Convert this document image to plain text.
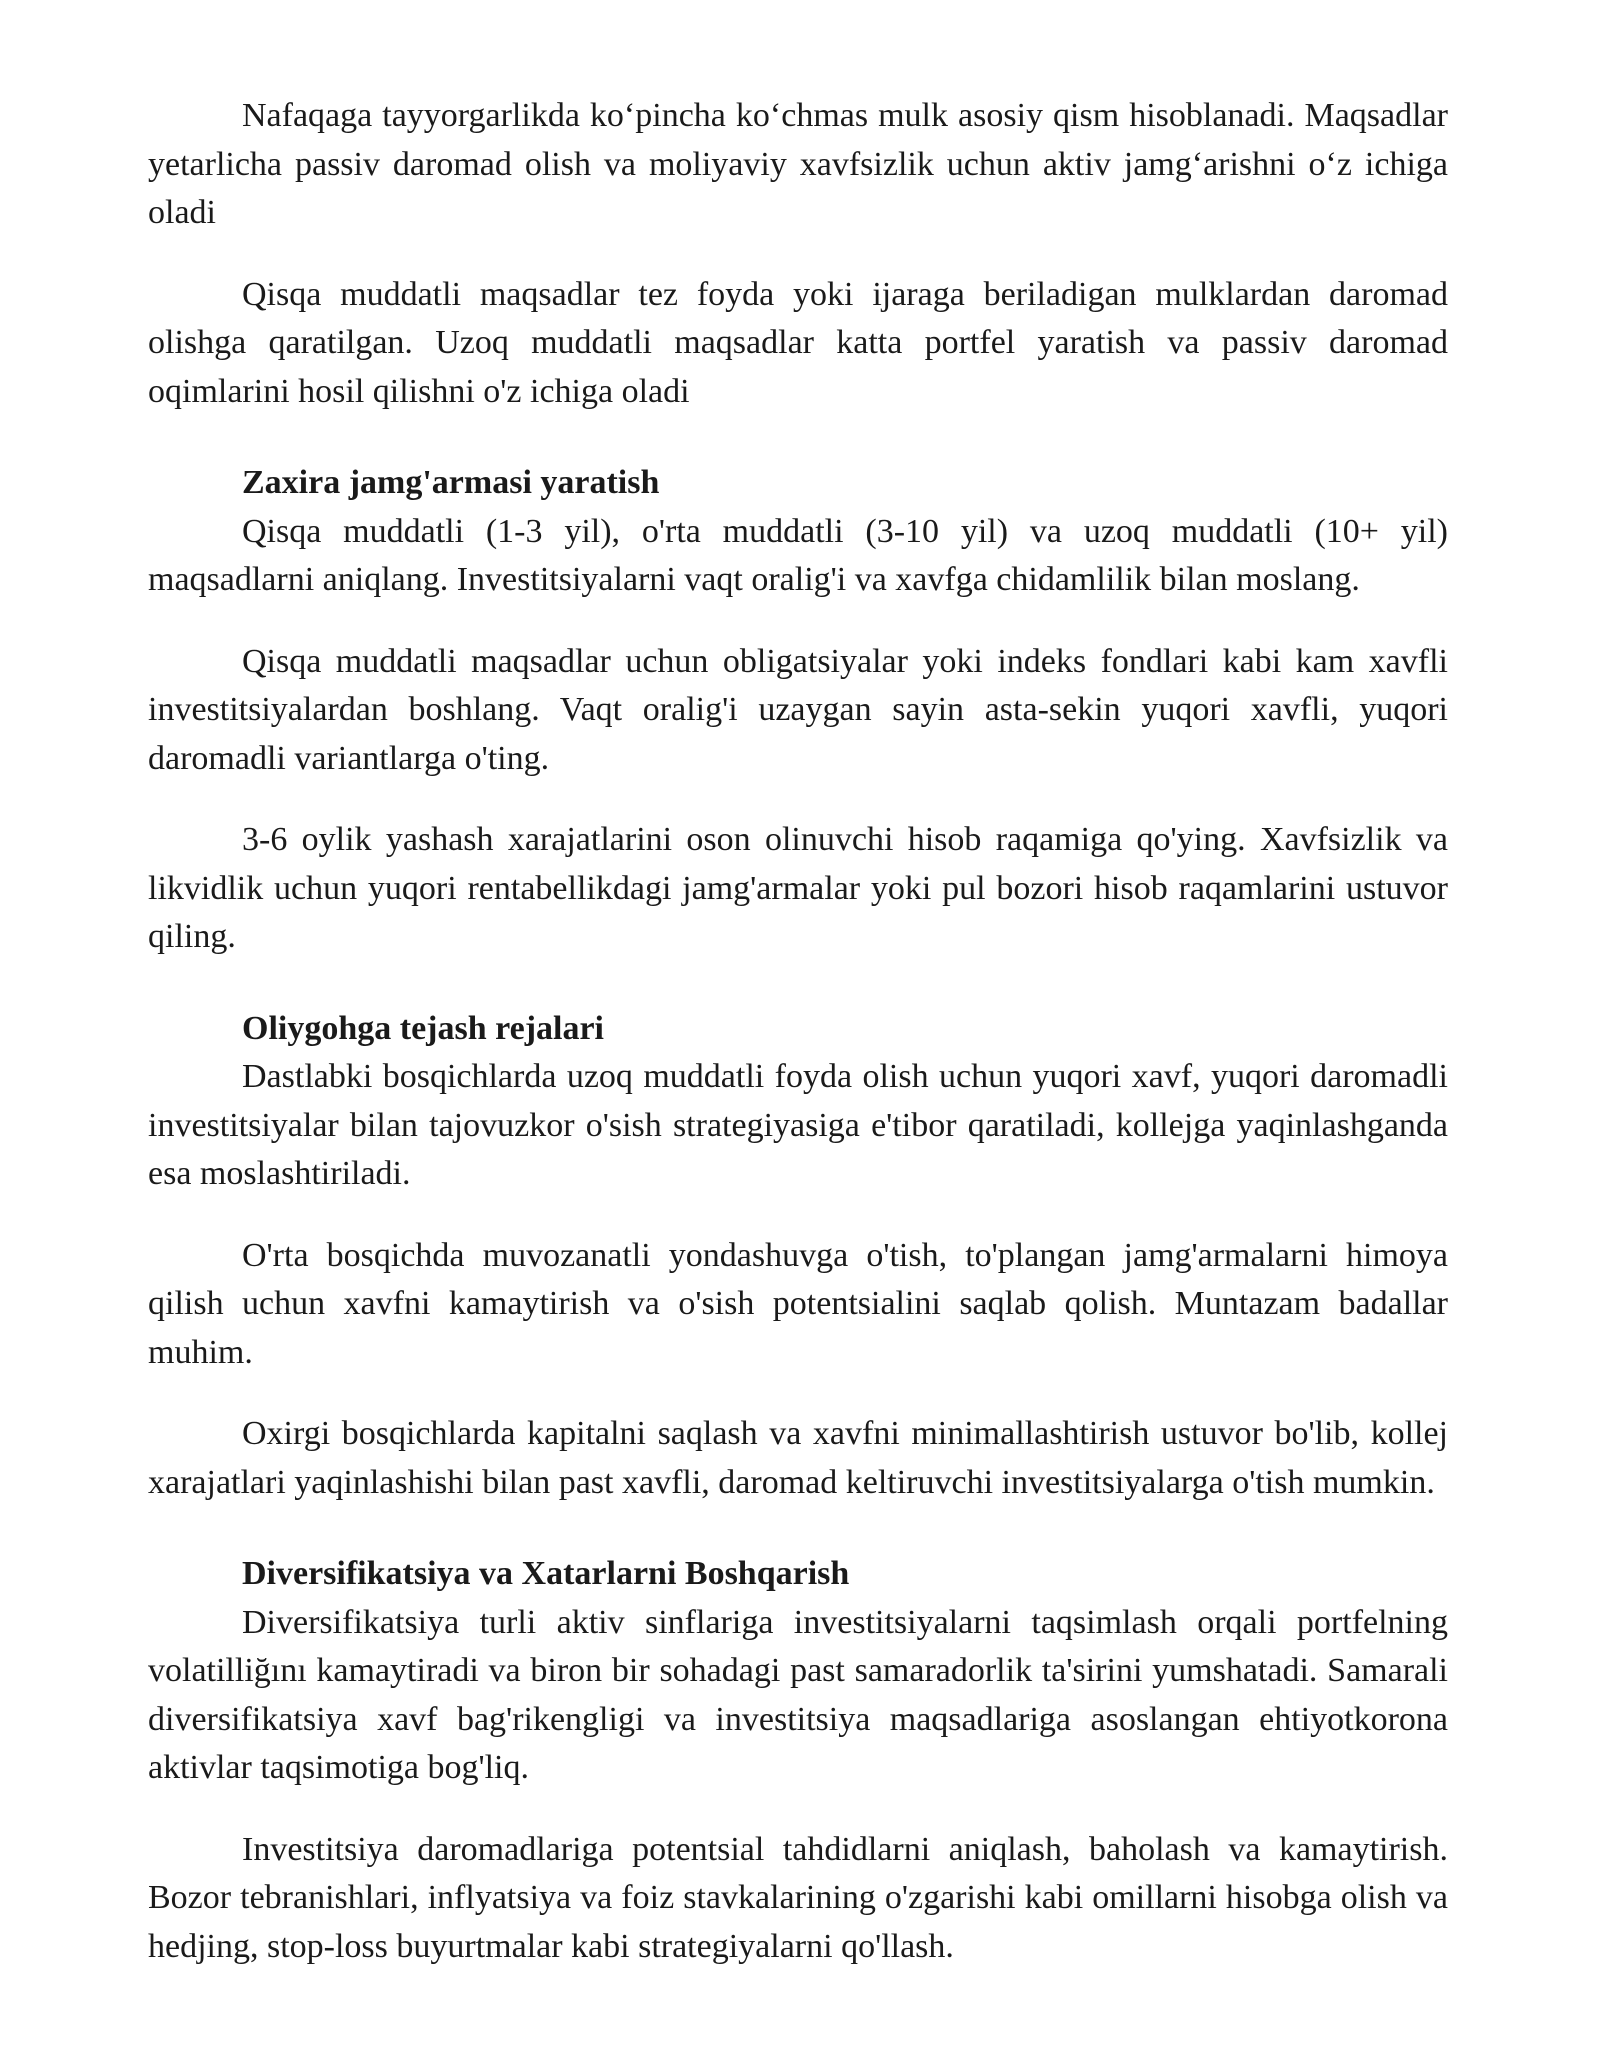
Nafaqaga tayyorgarlikda ko‘pincha ko‘chmas mulk asosiy qism hisoblanadi. Maqsadlar yetarlicha passiv daromad olish va moliyaviy xavfsizlik uchun aktiv jamg‘arishni o‘z ichiga oladi

Qisqa muddatli maqsadlar tez foyda yoki ijaraga beriladigan mulklardan daromad olishga qaratilgan. Uzoq muddatli maqsadlar katta portfel yaratish va passiv daromad oqimlarini hosil qilishni o'z ichiga oladi

Zaxira jamg'armasi yaratish

Qisqa muddatli (1-3 yil), o'rta muddatli (3-10 yil) va uzoq muddatli (10+ yil) maqsadlarni aniqlang. Investitsiyalarni vaqt oralig'i va xavfga chidamlilik bilan moslang.

Qisqa muddatli maqsadlar uchun obligatsiyalar yoki indeks fondlari kabi kam xavfli investitsiyalardan boshlang. Vaqt oralig'i uzaygan sayin asta-sekin yuqori xavfli, yuqori daromadli variantlarga o'ting.

3-6 oylik yashash xarajatlarini oson olinuvchi hisob raqamiga qo'ying. Xavfsizlik va likvidlik uchun yuqori rentabellikdagi jamg'armalar yoki pul bozori hisob raqamlarini ustuvor qiling.

Oliygohga tejash rejalari

Dastlabki bosqichlarda uzoq muddatli foyda olish uchun yuqori xavf, yuqori daromadli investitsiyalar bilan tajovuzkor o'sish strategiyasiga e'tibor qaratiladi, kollejga yaqinlashganda esa moslashtiriladi.

O'rta bosqichda muvozanatli yondashuvga o'tish, to'plangan jamg'armalarni himoya qilish uchun xavfni kamaytirish va o'sish potentsialini saqlab qolish. Muntazam badallar muhim.

Oxirgi bosqichlarda kapitalni saqlash va xavfni minimallashtirish ustuvor bo'lib, kollej xarajatlari yaqinlashishi bilan past xavfli, daromad keltiruvchi investitsiyalarga o'tish mumkin.

Diversifikatsiya va Xatarlarni Boshqarish

Diversifikatsiya turli aktiv sinflariga investitsiyalarni taqsimlash orqali portfelning volatilliğını kamaytiradi va biron bir sohadagi past samaradorlik ta'sirini yumshatadi. Samarali diversifikatsiya xavf bag'rikengligi va investitsiya maqsadlariga asoslangan ehtiyotkorona aktivlar taqsimotiga bog'liq.

Investitsiya daromadlariga potentsial tahdidlarni aniqlash, baholash va kamaytirish. Bozor tebranishlari, inflyatsiya va foiz stavkalarining o'zgarishi kabi omillarni hisobga olish va hedjing, stop-loss buyurtmalar kabi strategiyalarni qo'llash.
